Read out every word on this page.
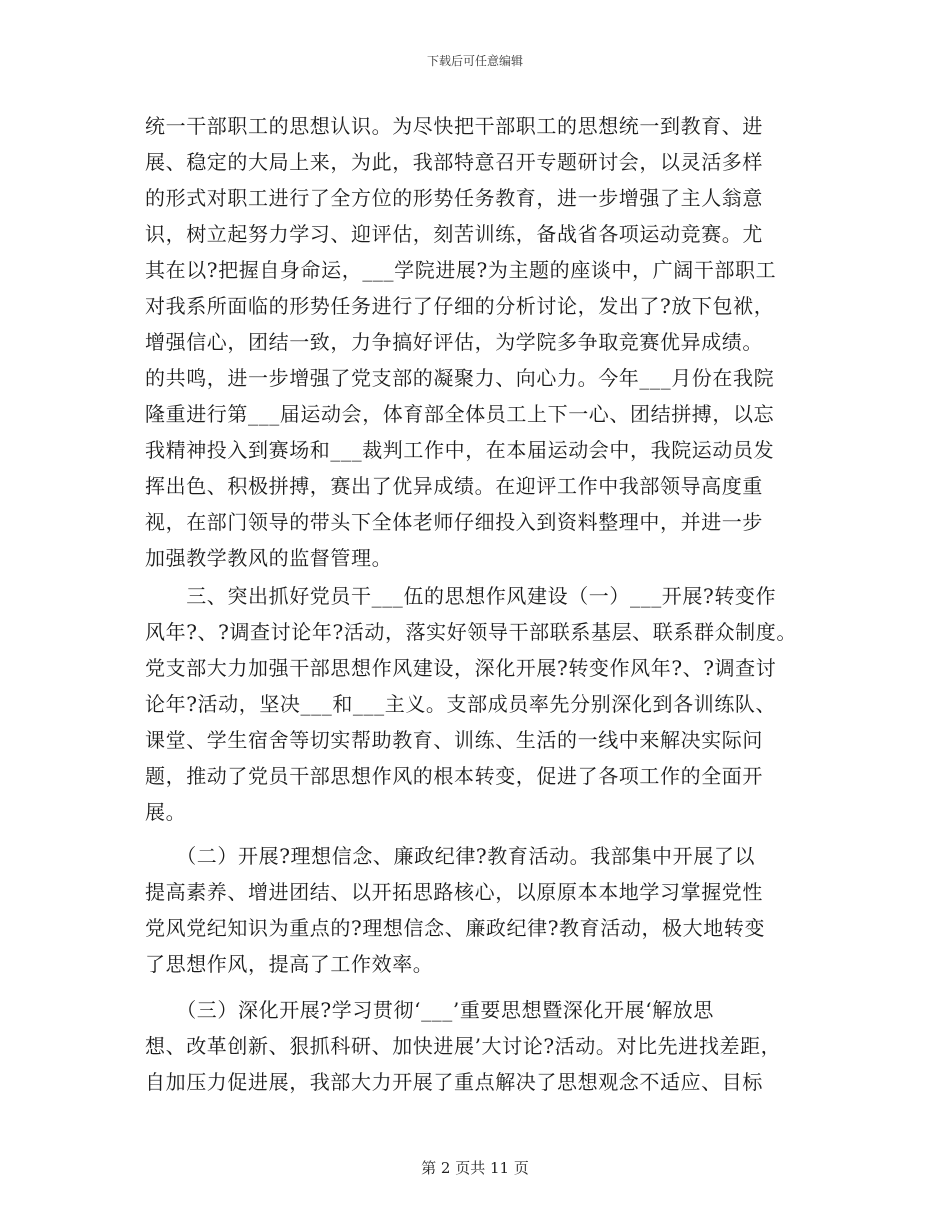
下载后可任意编辑
统一干部职工的思想认识。为尽快把干部职工的思想统一到教育、进
展、稳定的大局上来，为此，我部特意召开专题研讨会，以灵活多样
的形式对职工进行了全方位的形势任务教育，进一步增强了主人翁意
识，树立起努力学习、迎评估，刻苦训练，备战省各项运动竞赛。尤
其在以?把握自身命运，___学院进展?为主题的座谈中，广阔干部职工
对我系所面临的形势任务进行了仔细的分析讨论，发出了?放下包袱，
增强信心，团结一致，力争搞好评估，为学院多争取竞赛优异成绩。
的共鸣，进一步增强了党支部的凝聚力、向心力。今年___月份在我院
隆重进行第___届运动会，体育部全体员工上下一心、团结拼搏，以忘
我精神投入到赛场和___裁判工作中，在本届运动会中，我院运动员发
挥出色、积极拼搏，赛出了优异成绩。在迎评工作中我部领导高度重
视，在部门领导的带头下全体老师仔细投入到资料整理中，并进一步
加强教学教风的监督管理。
　　三、突出抓好党员干___伍的思想作风建设（一）___开展?转变作
风年?、?调查讨论年?活动，落实好领导干部联系基层、联系群众制度。
党支部大力加强干部思想作风建设，深化开展?转变作风年?、?调查讨
论年?活动，坚决___和___主义。支部成员率先分别深化到各训练队、
课堂、学生宿舍等切实帮助教育、训练、生活的一线中来解决实际问
题，推动了党员干部思想作风的根本转变，促进了各项工作的全面开
展。
　　（二）开展?理想信念、廉政纪律?教育活动。我部集中开展了以
提高素养、增进团结、以开拓思路核心，以原原本本地学习掌握党性
党风党纪知识为重点的?理想信念、廉政纪律?教育活动，极大地转变
了思想作风，提高了工作效率。
　　（三）深化开展?学习贯彻‘___’重要思想暨深化开展‘解放思
想、改革创新、狠抓科研、加快进展’大讨论?活动。对比先进找差距，
自加压力促进展，我部大力开展了重点解决了思想观念不适应、目标
第 2 页共 11 页
